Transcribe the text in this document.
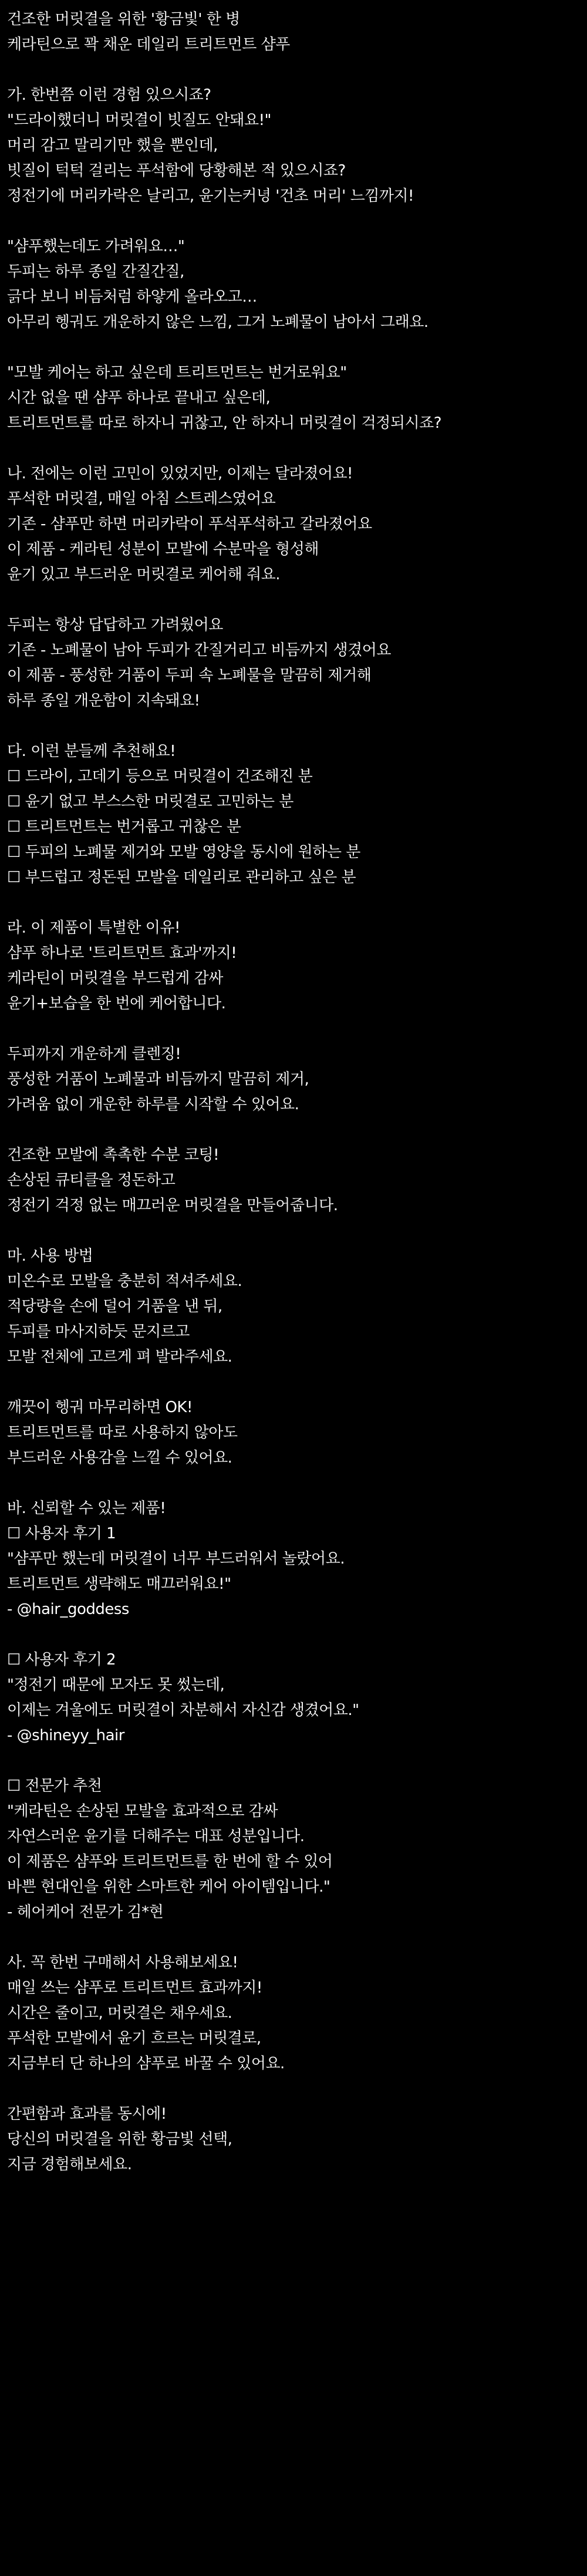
건조한 머릿결을 위한 '황금빛' 한 병
케라틴으로 꽉 채운 데일리 트리트먼트 샴푸
가. 한번쯤 이런 경험 있으시죠?
"드라이했더니 머릿결이 빗질도 안돼요!"
머리 감고 말리기만 했을 뿐인데,
빗질이 턱턱 걸리는 푸석함에 당황해본 적 있으시죠?
정전기에 머리카락은 날리고, 윤기는커녕 '건초 머리' 느낌까지!
"샴푸했는데도 가려워요…"
두피는 하루 종일 간질간질,
긁다 보니 비듬처럼 하얗게 올라오고…
아무리 헹궈도 개운하지 않은 느낌, 그거 노폐물이 남아서 그래요.
"모발 케어는 하고 싶은데 트리트먼트는 번거로워요"
시간 없을 땐 샴푸 하나로 끝내고 싶은데,
트리트먼트를 따로 하자니 귀찮고, 안 하자니 머릿결이 걱정되시죠?
나. 전에는 이런 고민이 있었지만, 이제는 달라졌어요!
푸석한 머릿결, 매일 아침 스트레스였어요
기존 - 샴푸만 하면 머리카락이 푸석푸석하고 갈라졌어요
이 제품 - 케라틴 성분이 모발에 수분막을 형성해
윤기 있고 부드러운 머릿결로 케어해 줘요.
두피는 항상 답답하고 가려웠어요
기존 - 노폐물이 남아 두피가 간질거리고 비듬까지 생겼어요
이 제품 - 풍성한 거품이 두피 속 노폐물을 말끔히 제거해
하루 종일 개운함이 지속돼요!
다. 이런 분들께 추천해요!
☐ 드라이, 고데기 등으로 머릿결이 건조해진 분
☐ 윤기 없고 부스스한 머릿결로 고민하는 분
☐ 트리트먼트는 번거롭고 귀찮은 분
☐ 두피의 노폐물 제거와 모발 영양을 동시에 원하는 분
☐ 부드럽고 정돈된 모발을 데일리로 관리하고 싶은 분
라. 이 제품이 특별한 이유!
샴푸 하나로 '트리트먼트 효과'까지!
케라틴이 머릿결을 부드럽게 감싸
윤기+보습을 한 번에 케어합니다.
두피까지 개운하게 클렌징!
풍성한 거품이 노폐물과 비듬까지 말끔히 제거,
가려움 없이 개운한 하루를 시작할 수 있어요.
건조한 모발에 촉촉한 수분 코팅!
손상된 큐티클을 정돈하고
정전기 걱정 없는 매끄러운 머릿결을 만들어줍니다.
마. 사용 방법
미온수로 모발을 충분히 적셔주세요.
적당량을 손에 덜어 거품을 낸 뒤,
두피를 마사지하듯 문지르고
모발 전체에 고르게 펴 발라주세요.
깨끗이 헹궈 마무리하면 OK!
트리트먼트를 따로 사용하지 않아도
부드러운 사용감을 느낄 수 있어요.
바. 신뢰할 수 있는 제품!
☐ 사용자 후기 1
"샴푸만 했는데 머릿결이 너무 부드러워서 놀랐어요.
트리트먼트 생략해도 매끄러워요!"
- @hair_goddess
☐ 사용자 후기 2
"정전기 때문에 모자도 못 썼는데,
이제는 겨울에도 머릿결이 차분해서 자신감 생겼어요."
- @shineyy_hair
☐ 전문가 추천
"케라틴은 손상된 모발을 효과적으로 감싸
자연스러운 윤기를 더해주는 대표 성분입니다.
이 제품은 샴푸와 트리트먼트를 한 번에 할 수 있어
바쁜 현대인을 위한 스마트한 케어 아이템입니다."
- 헤어케어 전문가 김*현
사. 꼭 한번 구매해서 사용해보세요!
매일 쓰는 샴푸로 트리트먼트 효과까지!
시간은 줄이고, 머릿결은 채우세요.
푸석한 모발에서 윤기 흐르는 머릿결로,
지금부터 단 하나의 샴푸로 바꿀 수 있어요.
간편함과 효과를 동시에!
당신의 머릿결을 위한 황금빛 선택,
지금 경험해보세요.
